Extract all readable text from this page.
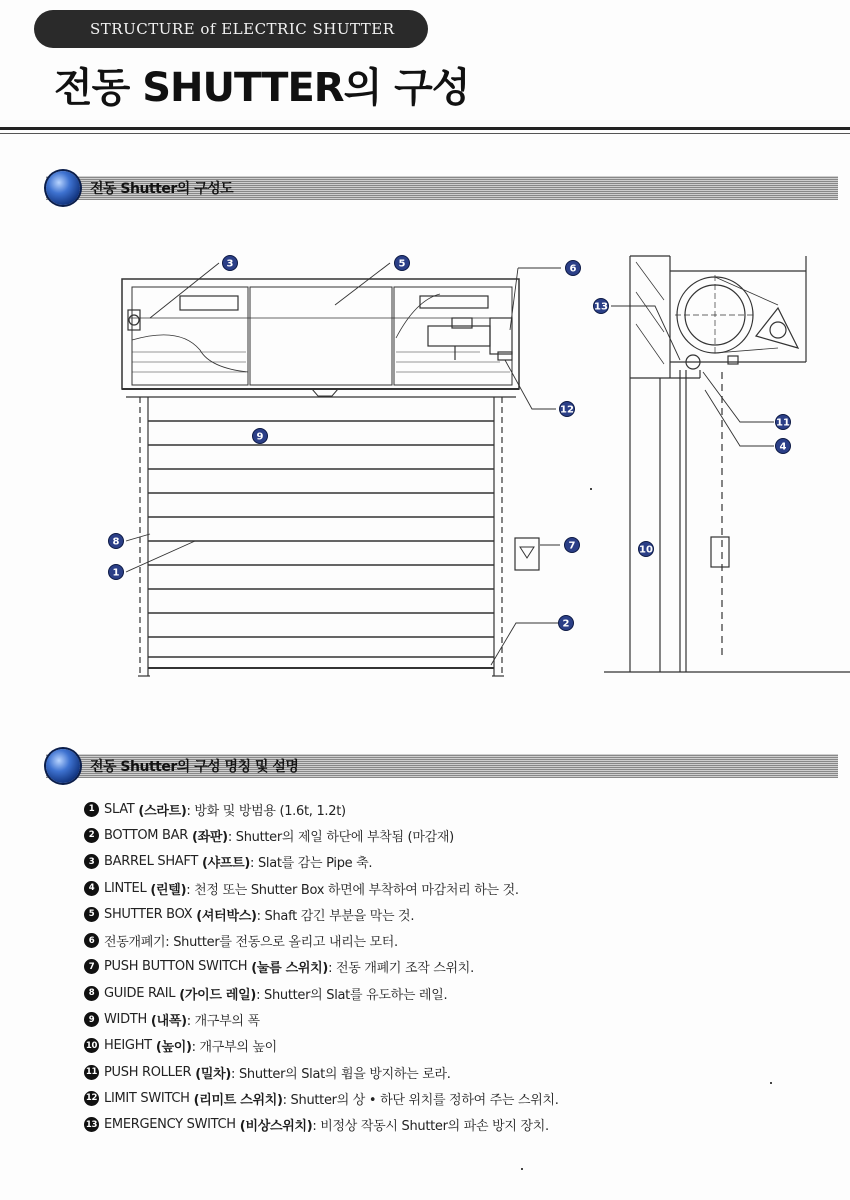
STRUCTURE of ELECTRIC SHUTTER
전동 SHUTTER의 구성
전동 Shutter의 구성도
3	5	6
12
9
8
1
7
2
13
11
4
10
전동 Shutter의 구성 명칭 및 설명
1 SLAT (스라트) : 방화 및 방범용 (1.6t, 1.2t)
2 BOTTOM BAR (좌판) : Shutter의 제일 하단에 부착됨 (마감재)
3 BARREL SHAFT (샤프트) : Slat를 감는 Pipe 축.
4 LINTEL (린텔) : 천정 또는 Shutter Box 하면에 부착하여 마감처리 하는 것.
5 SHUTTER BOX (셔터박스) : Shaft 감긴 부분을 막는 것.
6 전동개폐기 : Shutter를 전동으로 올리고 내리는 모터.
7 PUSH BUTTON SWITCH (눌름 스위치) : 전동 개폐기 조작 스위치.
8 GUIDE RAIL (가이드 레일) : Shutter의 Slat를 유도하는 레일.
9 WIDTH (내폭) : 개구부의 폭
10 HEIGHT (높이) : 개구부의 높이
11 PUSH ROLLER (밀차) : Shutter의 Slat의 휨을 방지하는 로라.
12 LIMIT SWITCH (리미트 스위치) : Shutter의 상 • 하단 위치를 정하여 주는 스위치.
13 EMERGENCY SWITCH (비상스위치) : 비정상 작동시 Shutter의 파손 방지 장치.
